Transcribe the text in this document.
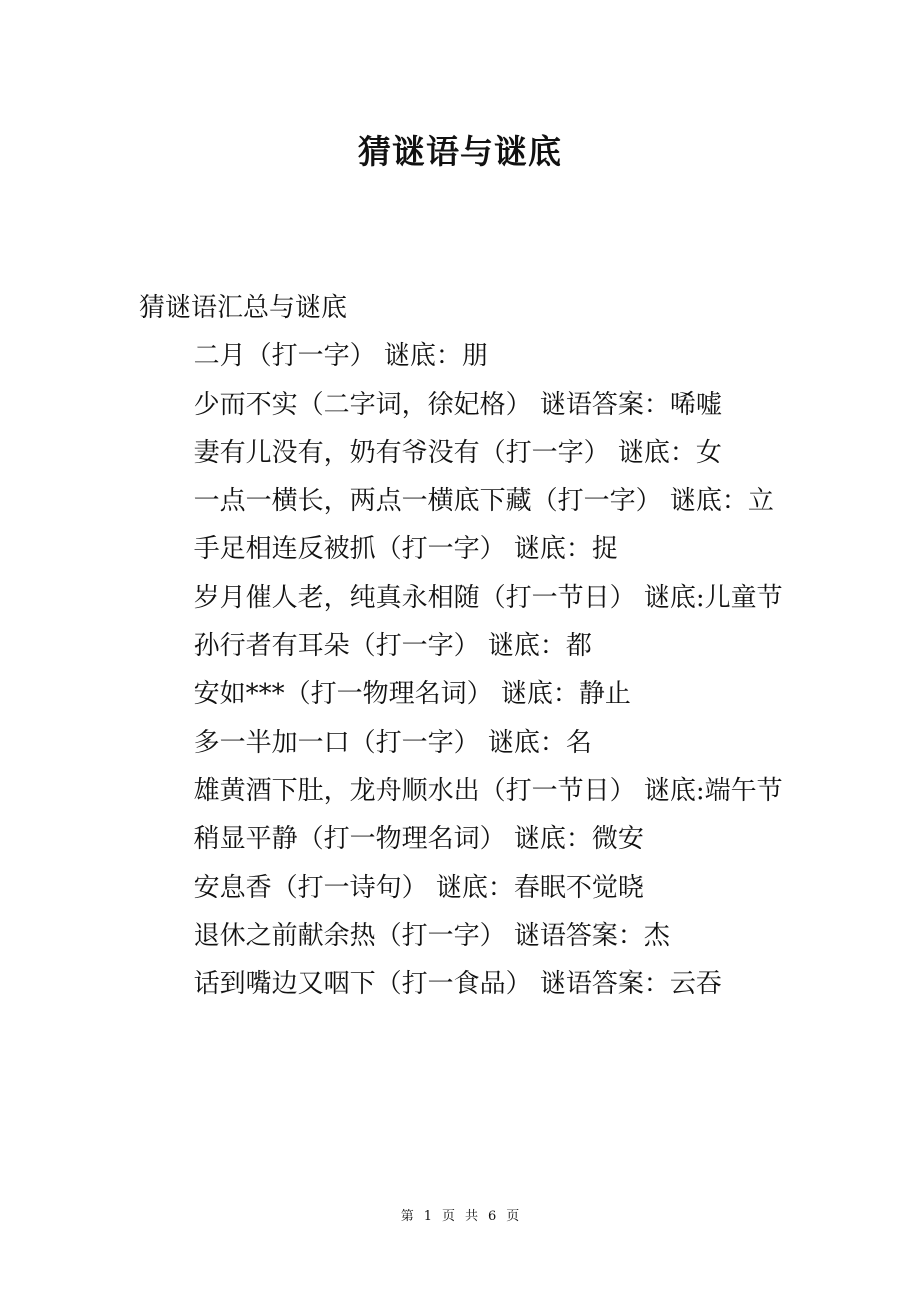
猜谜语与谜底

猜谜语汇总与谜底

二月（打一字） 谜底：朋

少而不实（二字词，徐妃格） 谜语答案：唏嘘

妻有儿没有，奶有爷没有（打一字） 谜底：女

一点一横长，两点一横底下藏（打一字） 谜底：立

手足相连反被抓（打一字） 谜底：捉

岁月催人老，纯真永相随（打一节日） 谜底:儿童节

孙行者有耳朵（打一字） 谜底：都

安如***（打一物理名词） 谜底：静止

多一半加一口（打一字） 谜底：名

雄黄酒下肚，龙舟顺水出（打一节日） 谜底:端午节

稍显平静（打一物理名词） 谜底：微安

安息香（打一诗句） 谜底：春眠不觉晓

退休之前献余热（打一字） 谜语答案：杰

话到嘴边又咽下（打一食品） 谜语答案：云吞

第 1 页 共 6 页
